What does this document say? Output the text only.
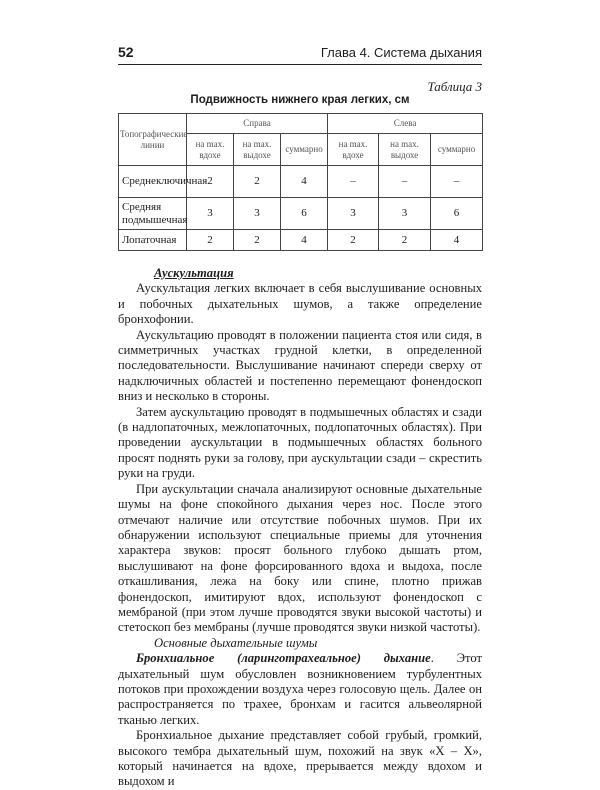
52	Глава 4. Система дыхания
Таблица 3
Подвижность нижнего края легких, см
Топографические линии	Справа			Слева		
	на max. вдохе	на max. выдохе	суммарно	на max. вдохе	на max. выдохе	суммарно
Среднеключичная	2	2	4	–	–	–
Средняя подмышечная	3	3	6	3	3	6
Лопаточная	2	2	4	2	2	4

Аускультация

Аускультация легких включает в себя выслушивание основных и побочных дыхательных шумов, а также определение бронхофонии.

Аускультацию проводят в положении пациента стоя или сидя, в симметричных участках грудной клетки, в определенной последовательности. Выслушивание начинают спереди сверху от надключичных областей и постепенно перемещают фонендоскоп вниз и несколько в стороны.

Затем аускультацию проводят в подмышечных областях и сзади (в надлопаточных, межлопаточных, подлопаточных областях). При проведении аускультации в подмышечных областях больного просят поднять руки за голову, при аускультации сзади – скрестить руки на груди.

При аускультации сначала анализируют основные дыхательные шумы на фоне спокойного дыхания через нос. После этого отмечают наличие или отсутствие побочных шумов. При их обнаружении используют специальные приемы для уточнения характера звуков: просят больного глубоко дышать ртом, выслушивают на фоне форсированного вдоха и выдоха, после откашливания, лежа на боку или спине, плотно прижав фонендоскоп, имитируют вдох, используют фонендоскоп с мембраной (при этом лучше проводятся звуки высокой частоты) и стетоскоп без мембраны (лучше проводятся звуки низкой частоты).

Основные дыхательные шумы

Бронхиальное (ларинготрахеальное) дыхание. Этот дыхательный шум обусловлен возникновением турбулентных потоков при прохождении воздуха через голосовую щель. Далее он распространяется по трахее, бронхам и гасится альвеолярной тканью легких.

Бронхиальное дыхание представляет собой грубый, громкий, высокого тембра дыхательный шум, похожий на звук «Х – Х», который начинается на вдохе, прерывается между вдохом и выдохом и
